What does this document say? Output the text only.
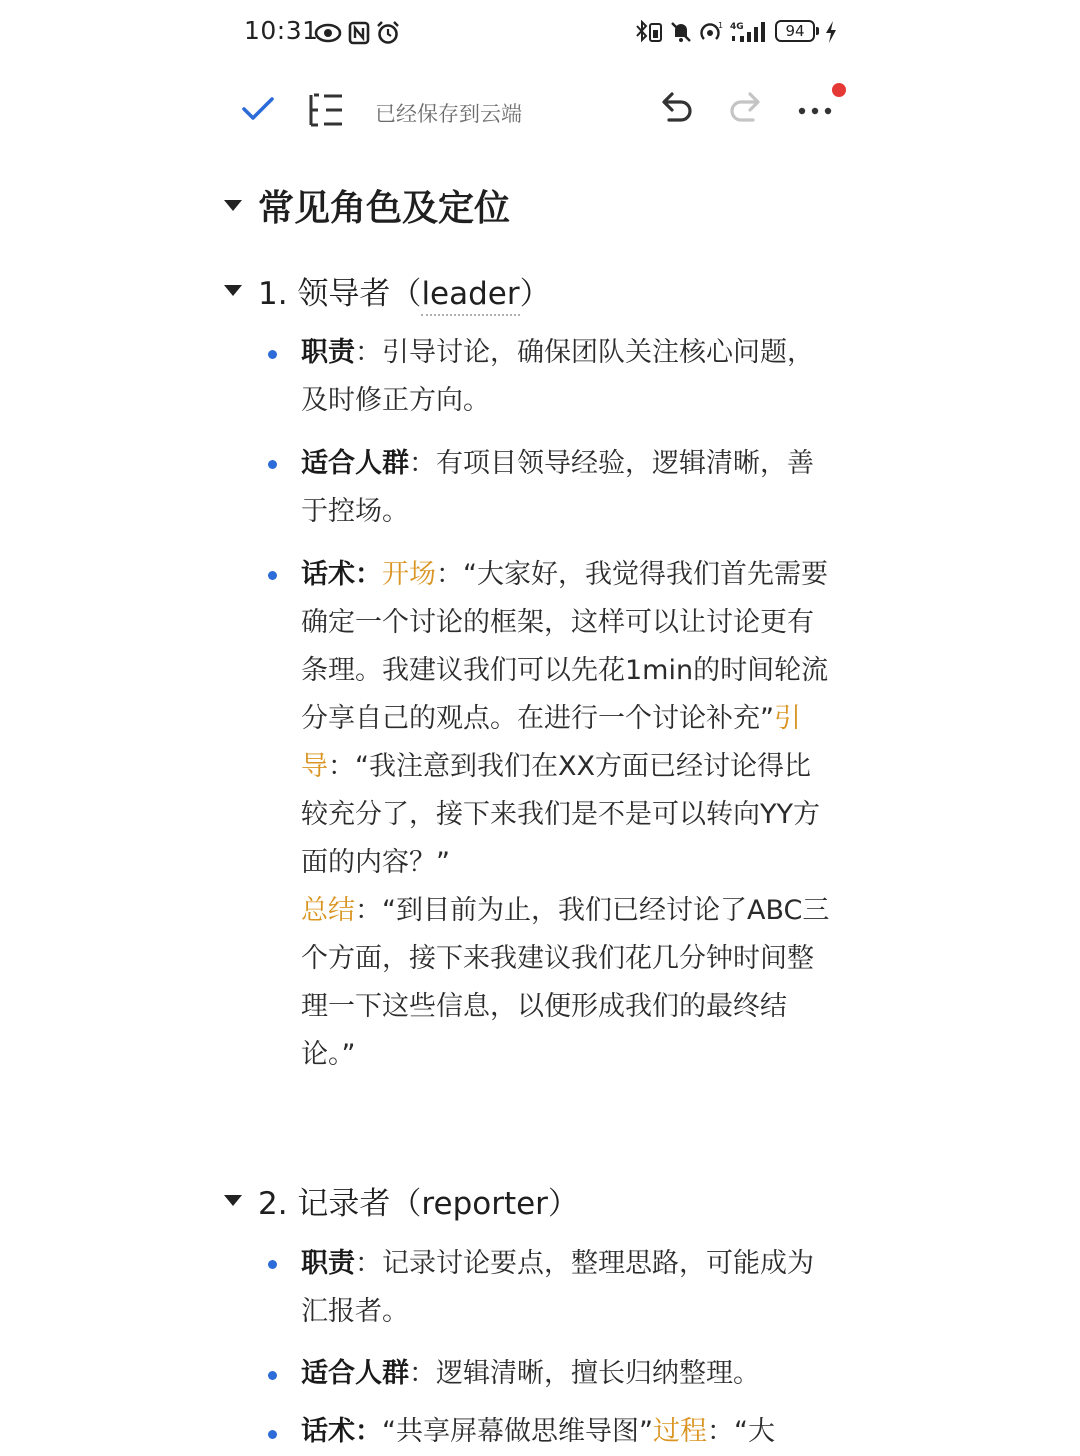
10:31	1 4G	94
已经保存到云端
常见角色及定位
1. 领导者（leader）
职责：引导讨论，确保团队关注核心问题，及时修正方向。
适合人群：有项目领导经验，逻辑清晰，善于控场。
话术：开场：“大家好，我觉得我们首先需要确定一个讨论的框架，这样可以让讨论更有条理。我建议我们可以先花1min的时间轮流分享自己的观点。在进行一个讨论补充”引导：“我注意到我们在XX方面已经讨论得比较充分了，接下来我们是不是可以转向YY方面的内容？”
总结：“到目前为止，我们已经讨论了ABC三个方面，接下来我建议我们花几分钟时间整理一下这些信息，以便形成我们的最终结论。”
2. 记录者（reporter）
职责：记录讨论要点，整理思路，可能成为汇报者。
适合人群：逻辑清晰，擅长归纳整理。
话术：“共享屏幕做思维导图”过程：“大
